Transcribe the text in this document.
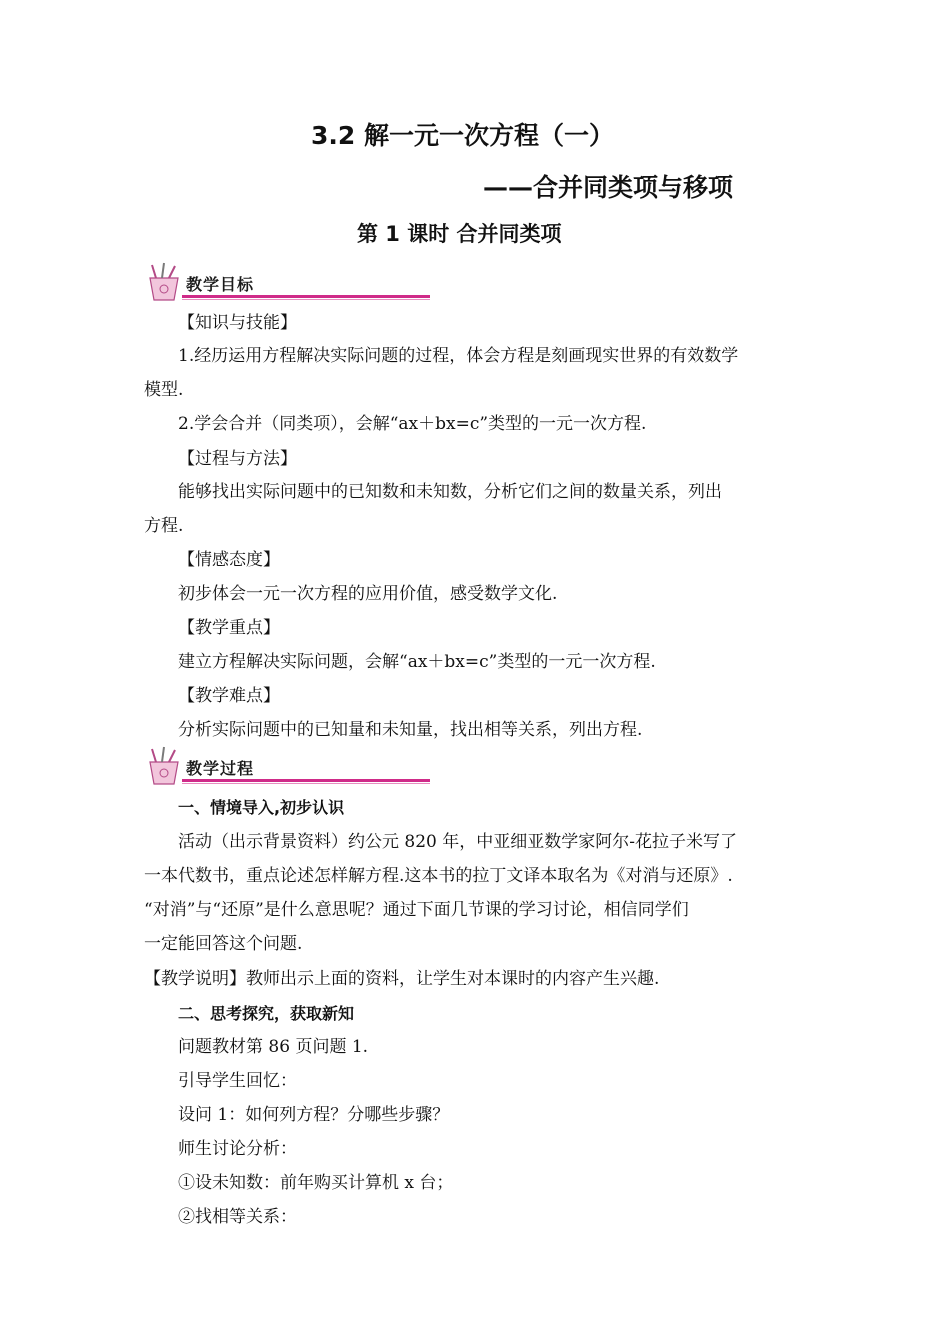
3.2 解一元一次方程（一）
——合并同类项与移项
第 1 课时 合并同类项
教学目标
【知识与技能】
1.经历运用方程解决实际问题的过程，体会方程是刻画现实世界的有效数学
模型.
2.学会合并（同类项），会解“ax＋bx=c”类型的一元一次方程.
【过程与方法】
能够找出实际问题中的已知数和未知数，分析它们之间的数量关系，列出
方程.
【情感态度】
初步体会一元一次方程的应用价值，感受数学文化.
【教学重点】
建立方程解决实际问题，会解“ax＋bx=c”类型的一元一次方程.
【教学难点】
分析实际问题中的已知量和未知量，找出相等关系，列出方程.
教学过程
一、情境导入,初步认识
活动（出示背景资料）约公元 820 年，中亚细亚数学家阿尔-花拉子米写了
一本代数书，重点论述怎样解方程.这本书的拉丁文译本取名为《对消与还原》.
“对消”与“还原”是什么意思呢？通过下面几节课的学习讨论，相信同学们
一定能回答这个问题.
【教学说明】教师出示上面的资料，让学生对本课时的内容产生兴趣.
二、思考探究，获取新知
问题教材第 86 页问题 1.
引导学生回忆：
设问 1：如何列方程？分哪些步骤？
师生讨论分析：
①设未知数：前年购买计算机 x 台；
②找相等关系：
